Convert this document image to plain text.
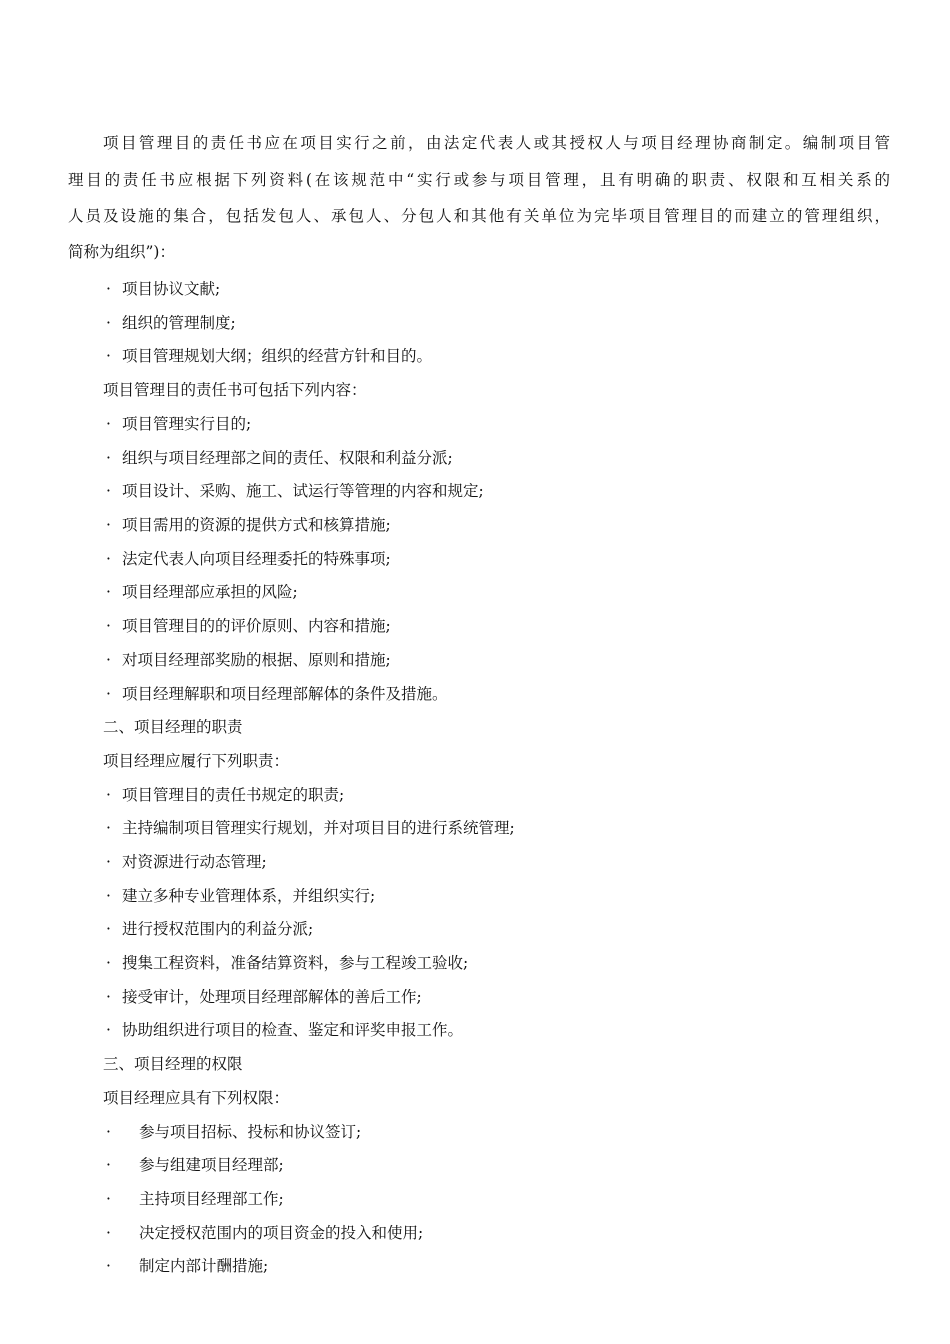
项目管理目的责任书应在项目实行之前，由法定代表人或其授权人与项目经理协商制定。编制项目管
理目的责任书应根据下列资料(在该规范中“实行或参与项目管理，且有明确的职责、权限和互相关系的
人员及设施的集合，包括发包人、承包人、分包人和其他有关单位为完毕项目管理目的而建立的管理组织，
简称为组织”)：
· 项目协议文献;
· 组织的管理制度;
· 项目管理规划大纲；组织的经营方针和目的。
项目管理目的责任书可包括下列内容：
· 项目管理实行目的;
· 组织与项目经理部之间的责任、权限和利益分派;
· 项目设计、采购、施工、试运行等管理的内容和规定;
· 项目需用的资源的提供方式和核算措施;
· 法定代表人向项目经理委托的特殊事项;
· 项目经理部应承担的风险;
· 项目管理目的的评价原则、内容和措施;
· 对项目经理部奖励的根据、原则和措施;
· 项目经理解职和项目经理部解体的条件及措施。
二、项目经理的职责
项目经理应履行下列职责：
· 项目管理目的责任书规定的职责;
· 主持编制项目管理实行规划，并对项目目的进行系统管理;
· 对资源进行动态管理;
· 建立多种专业管理体系，并组织实行;
· 进行授权范围内的利益分派;
· 搜集工程资料，准备结算资料，参与工程竣工验收;
· 接受审计，处理项目经理部解体的善后工作;
· 协助组织进行项目的检查、鉴定和评奖申报工作。
三、项目经理的权限
项目经理应具有下列权限：
· 参与项目招标、投标和协议签订;
· 参与组建项目经理部;
· 主持项目经理部工作;
· 决定授权范围内的项目资金的投入和使用;
· 制定内部计酬措施;
